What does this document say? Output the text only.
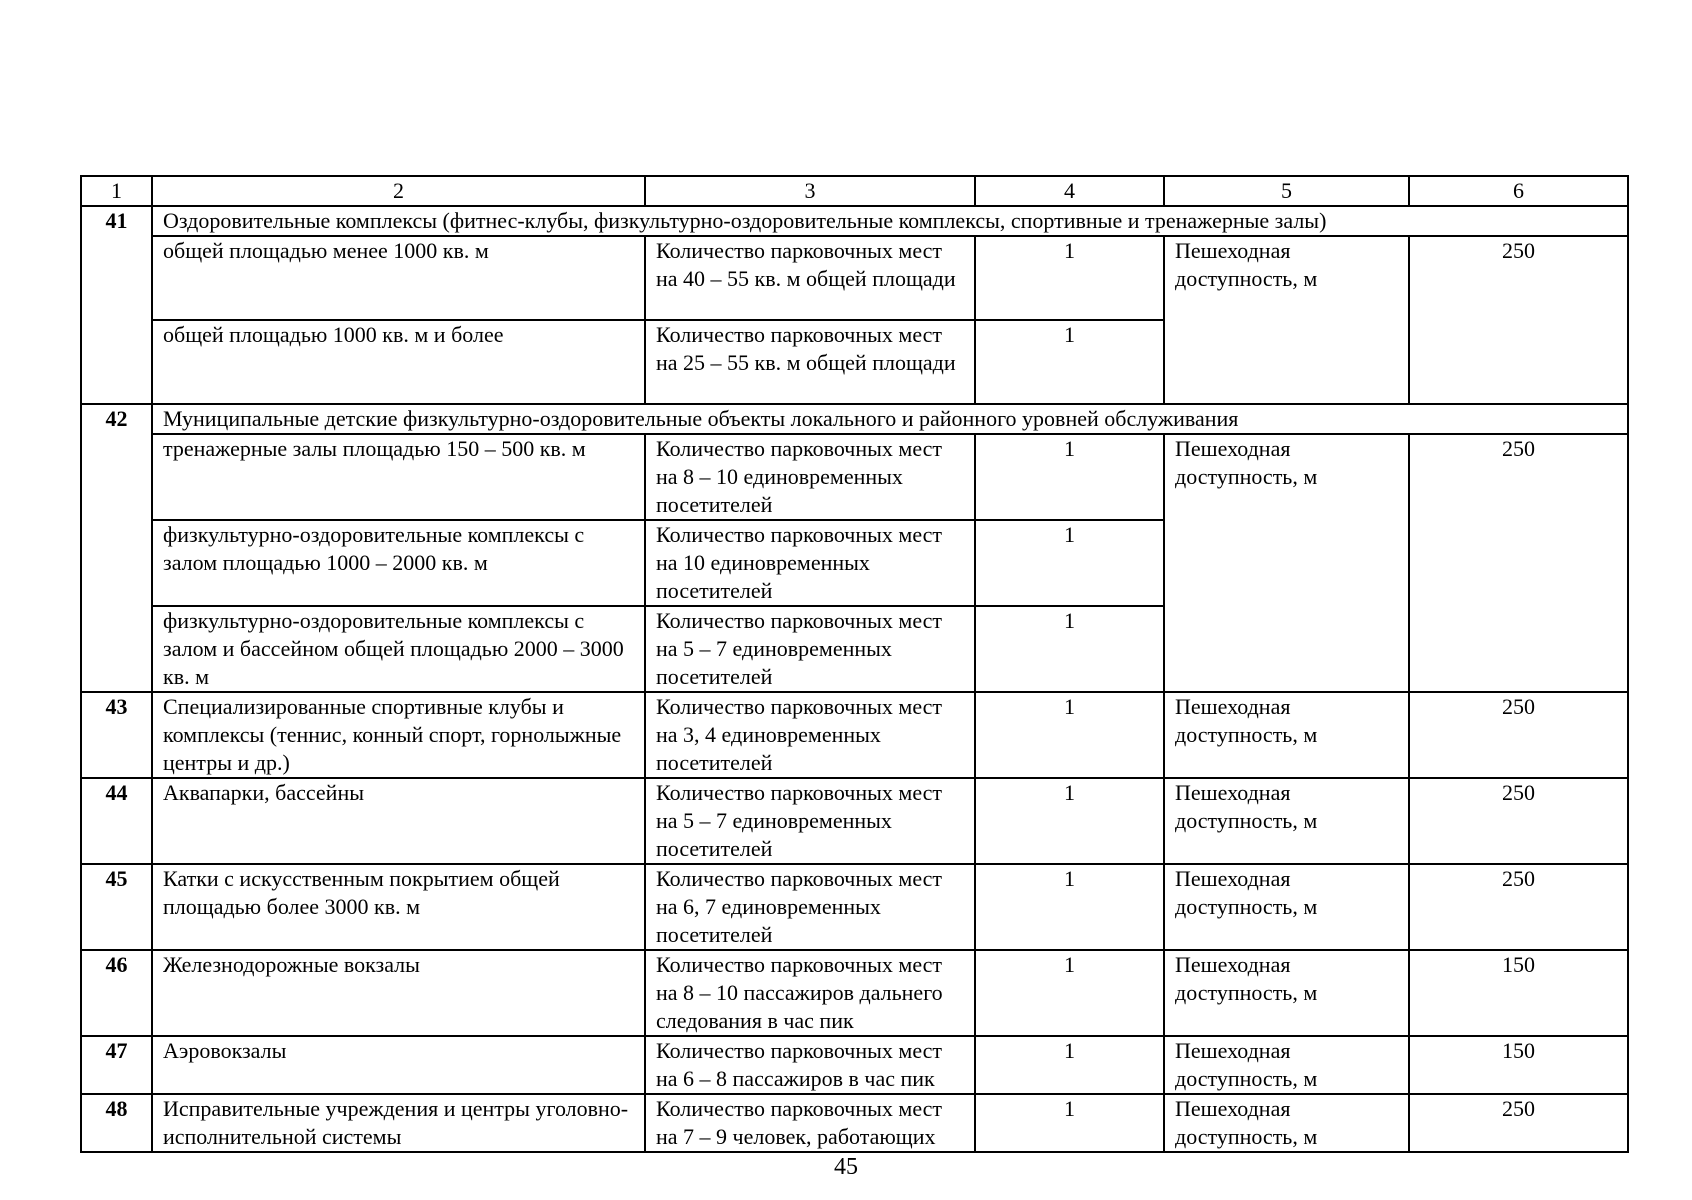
1	2	3	4	5	6
41	Оздоровительные комплексы (фитнес-клубы, физкультурно-оздоровительные комплексы, спортивные и тренажерные залы)				
	общей площадью менее 1000 кв. м	Количество парковочных мест на 40 – 55 кв. м общей площади	1	Пешеходная доступность, м	250
	общей площадью 1000 кв. м и более	Количество парковочных мест на 25 – 55 кв. м общей площади	1		
42	Муниципальные детские физкультурно-оздоровительные объекты локального и районного уровней обслуживания				
	тренажерные залы площадью 150 – 500 кв. м	Количество парковочных мест на 8 – 10 единовременных посетителей	1	Пешеходная доступность, м	250
	физкультурно-оздоровительные комплексы с залом площадью 1000 – 2000 кв. м	Количество парковочных мест на 10 единовременных посетителей	1		
	физкультурно-оздоровительные комплексы с залом и бассейном общей площадью 2000 – 3000 кв. м	Количество парковочных мест на 5 – 7 единовременных посетителей	1		
43	Специализированные спортивные клубы и комплексы (теннис, конный спорт, горнолыжные центры и др.)	Количество парковочных мест на 3, 4 единовременных посетителей	1	Пешеходная доступность, м	250
44	Аквапарки, бассейны	Количество парковочных мест на 5 – 7 единовременных посетителей	1	Пешеходная доступность, м	250
45	Катки с искусственным покрытием общей площадью более 3000 кв. м	Количество парковочных мест на 6, 7 единовременных посетителей	1	Пешеходная доступность, м	250
46	Железнодорожные вокзалы	Количество парковочных мест на 8 – 10 пассажиров дальнего следования в час пик	1	Пешеходная доступность, м	150
47	Аэровокзалы	Количество парковочных мест на 6 – 8 пассажиров в час пик	1	Пешеходная доступность, м	150
48	Исправительные учреждения и центры уголовно-исполнительной системы	Количество парковочных мест на 7 – 9 человек, работающих	1	Пешеходная доступность, м	250
45
